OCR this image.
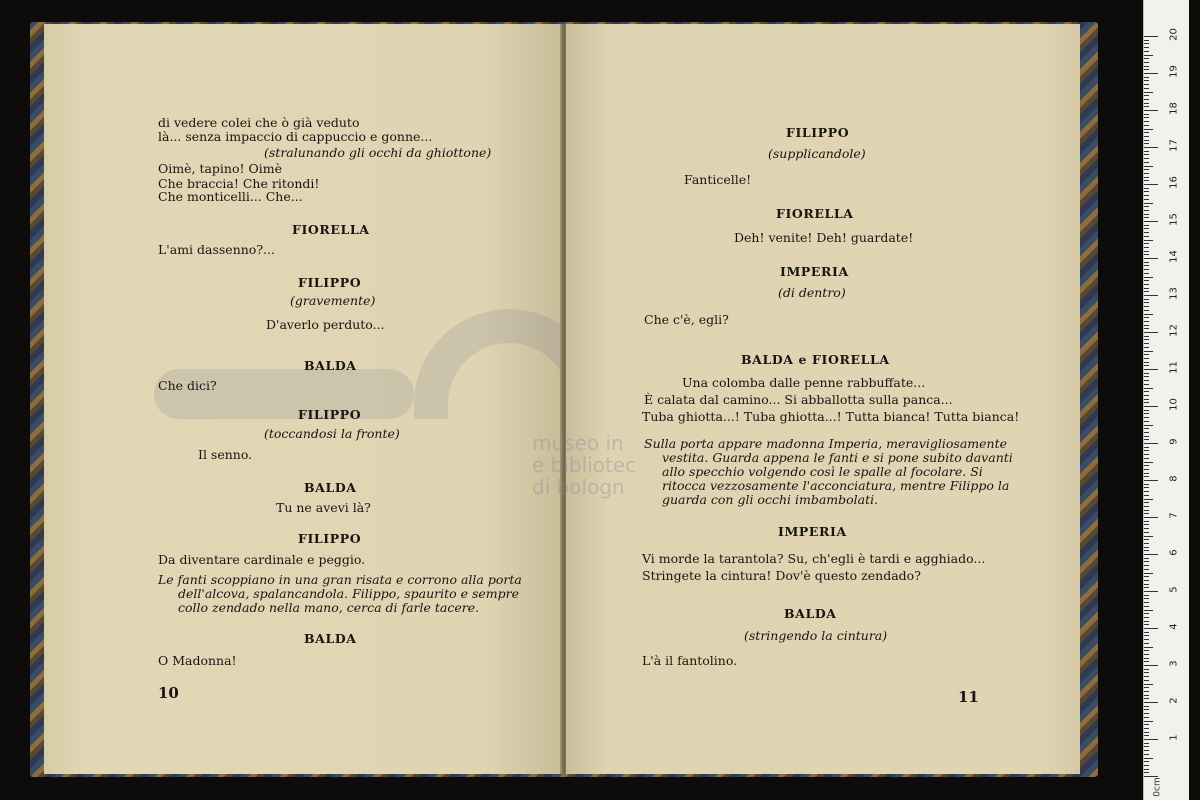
di vedere colei che ò già veduto
là... senza impaccio di cappuccio e gonne...
(stralunando gli occhi da ghiottone)
Oimè, tapino! Oimè
Che braccia! Che ritondi!
Che monticelli... Che...
FIORELLA
L'ami dassenno?...
FILIPPO
(gravemente)
D'averlo perduto...
BALDA
Che dici?
FILIPPO
(toccandosi la fronte)
Il senno.
BALDA
Tu ne avevi là?
FILIPPO
Da diventare cardinale e peggio.
Le fanti scoppiano in una gran risata e corrono alla porta
dell'alcova, spalancandola. Filippo, spaurito e sempre
collo zendado nella mano, cerca di farle tacere.
BALDA
O Madonna!
10
FILIPPO
(supplicandole)
Fanticelle!
FIORELLA
Deh! venite! Deh! guardate!
IMPERIA
(di dentro)
Che c'è, egli?
BALDA e FIORELLA
Una colomba dalle penne rabbuffate...
È calata dal camino... Si abballotta sulla panca...
Tuba ghiotta...! Tuba ghiotta...! Tutta bianca! Tutta bianca!
Sulla porta appare madonna Imperia, meravigliosamente
vestita. Guarda appena le fanti e si pone subito davanti
allo specchio volgendo così le spalle al focolare. Si
ritocca vezzosamente l'acconciatura, mentre Filippo la
guarda con gli occhi imbambolati.
IMPERIA
Vi morde la tarantola? Su, ch'egli è tardi e agghiado...
Stringete la cintura! Dov'è questo zendado?
BALDA
(stringendo la cintura)
L'à il fantolino.
11
museo in
e bibliotec
di bologn
0cm
20
19
18
17
16
15
14
13
12
11
10
9
8
7
6
5
4
3
2
1
